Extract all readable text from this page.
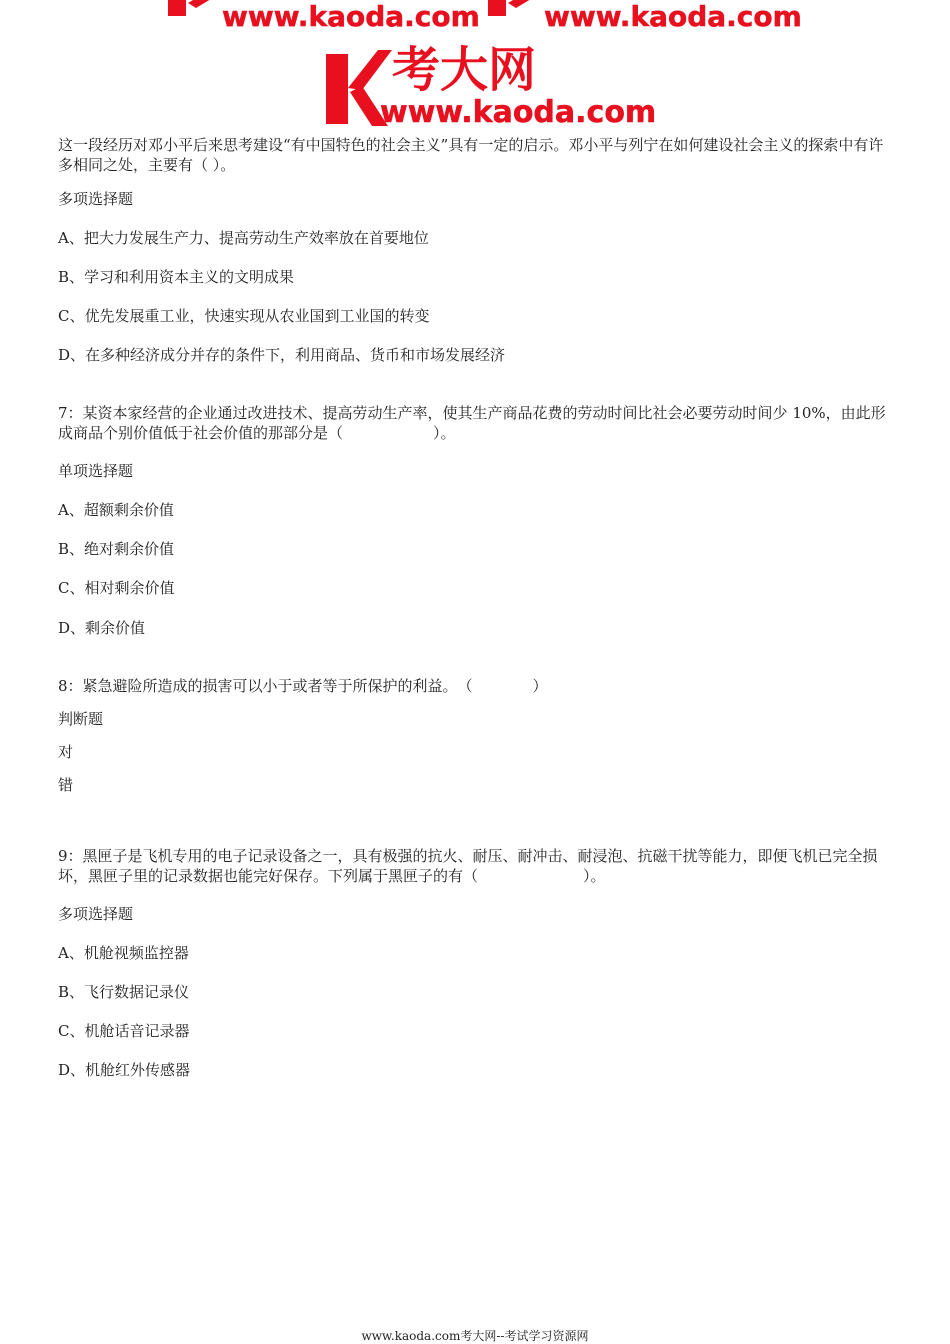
www.kaoda.com www.kaoda.com
考大网
www.kaoda.com
这一段经历对邓小平后来思考建设“有中国特色的社会主义”具有一定的启示。邓小平与列宁在如何建设社会主义的探索中有许多相同之处，主要有（ ）。
多项选择题
A、把大力发展生产力、提高劳动生产效率放在首要地位
B、学习和利用资本主义的文明成果
C、优先发展重工业，快速实现从农业国到工业国的转变
D、在多种经济成分并存的条件下，利用商品、货币和市场发展经济
7：某资本家经营的企业通过改进技术、提高劳动生产率，使其生产商品花费的劳动时间比社会必要劳动时间少 10%，由此形成商品个别价值低于社会价值的那部分是（　　　　　　）。
单项选择题
A、超额剩余价值
B、绝对剩余价值
C、相对剩余价值
D、剩余价值
8：紧急避险所造成的损害可以小于或者等于所保护的利益。　（　　　　）
判断题
对
错
9：黑匣子是飞机专用的电子记录设备之一，具有极强的抗火、耐压、耐冲击、耐浸泡、抗磁干扰等能力，即便飞机已完全损坏，黑匣子里的记录数据也能完好保存。下列属于黑匣子的有（　　　　　　　）。
多项选择题
A、机舱视频监控器
B、飞行数据记录仪
C、机舱话音记录器
D、机舱红外传感器
www.kaoda.com考大网--考试学习资源网
